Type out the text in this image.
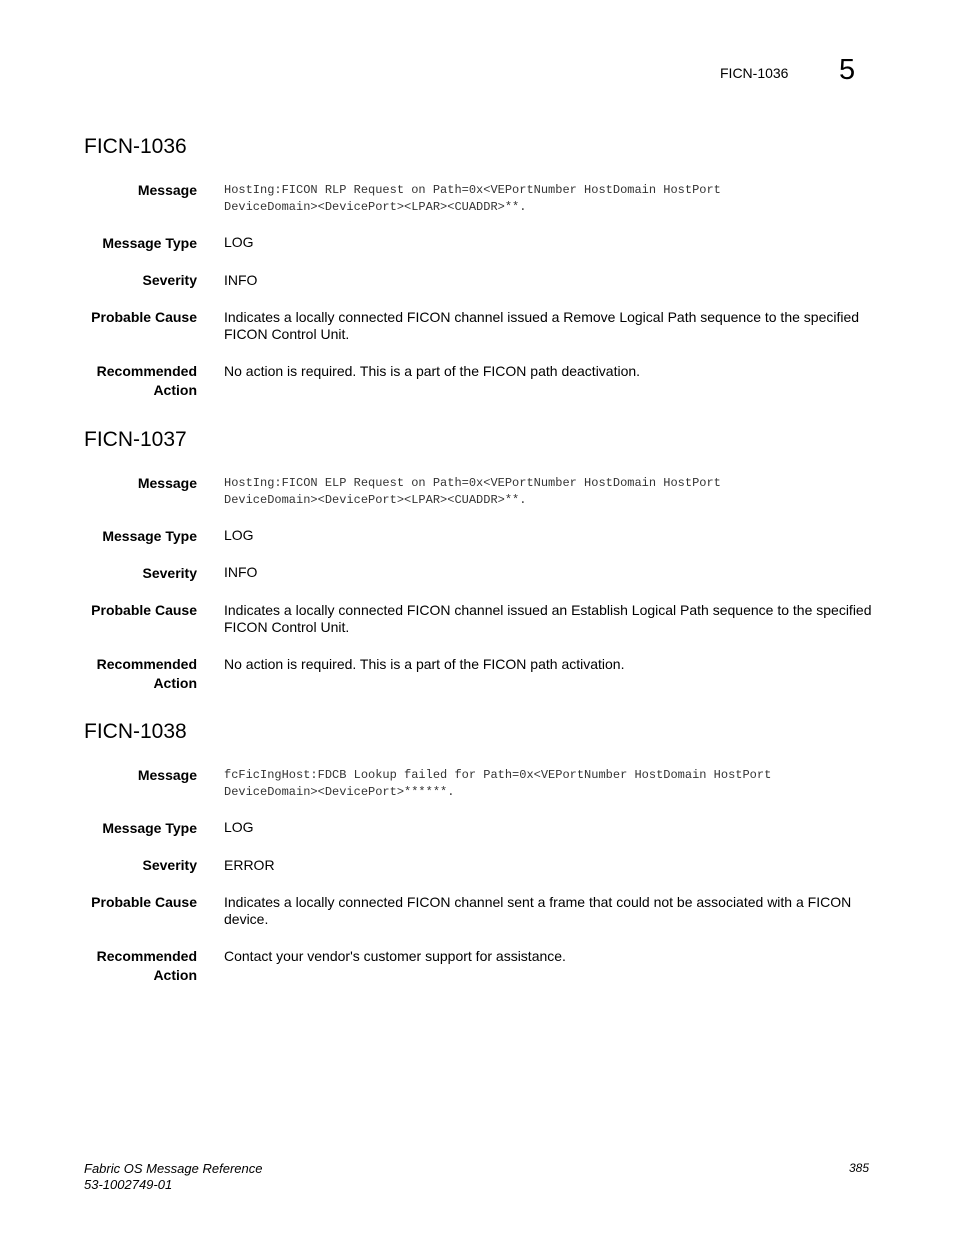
FICN-1036 5
FICN-1036
Message HostIng:FICON RLP Request on Path=0x<VEPortNumber HostDomain HostPort
DeviceDomain><DevicePort><LPAR><CUADDR>**.
Message Type LOG
Severity INFO
Probable Cause Indicates a locally connected FICON channel issued a Remove Logical Path sequence to the specified
FICON Control Unit.
Recommended
Action
No action is required. This is a part of the FICON path deactivation.
FICN-1037
Message HostIng:FICON ELP Request on Path=0x<VEPortNumber HostDomain HostPort
DeviceDomain><DevicePort><LPAR><CUADDR>**.
Message Type LOG
Severity INFO
Probable Cause Indicates a locally connected FICON channel issued an Establish Logical Path sequence to the specified
FICON Control Unit.
Recommended
Action
No action is required. This is a part of the FICON path activation.
FICN-1038
Message fcFicIngHost:FDCB Lookup failed for Path=0x<VEPortNumber HostDomain HostPort
DeviceDomain><DevicePort>******.
Message Type LOG
Severity ERROR
Probable Cause Indicates a locally connected FICON channel sent a frame that could not be associated with a FICON
device.
Recommended
Action
Contact your vendor's customer support for assistance.
Fabric OS Message Reference
53-1002749-01
385
